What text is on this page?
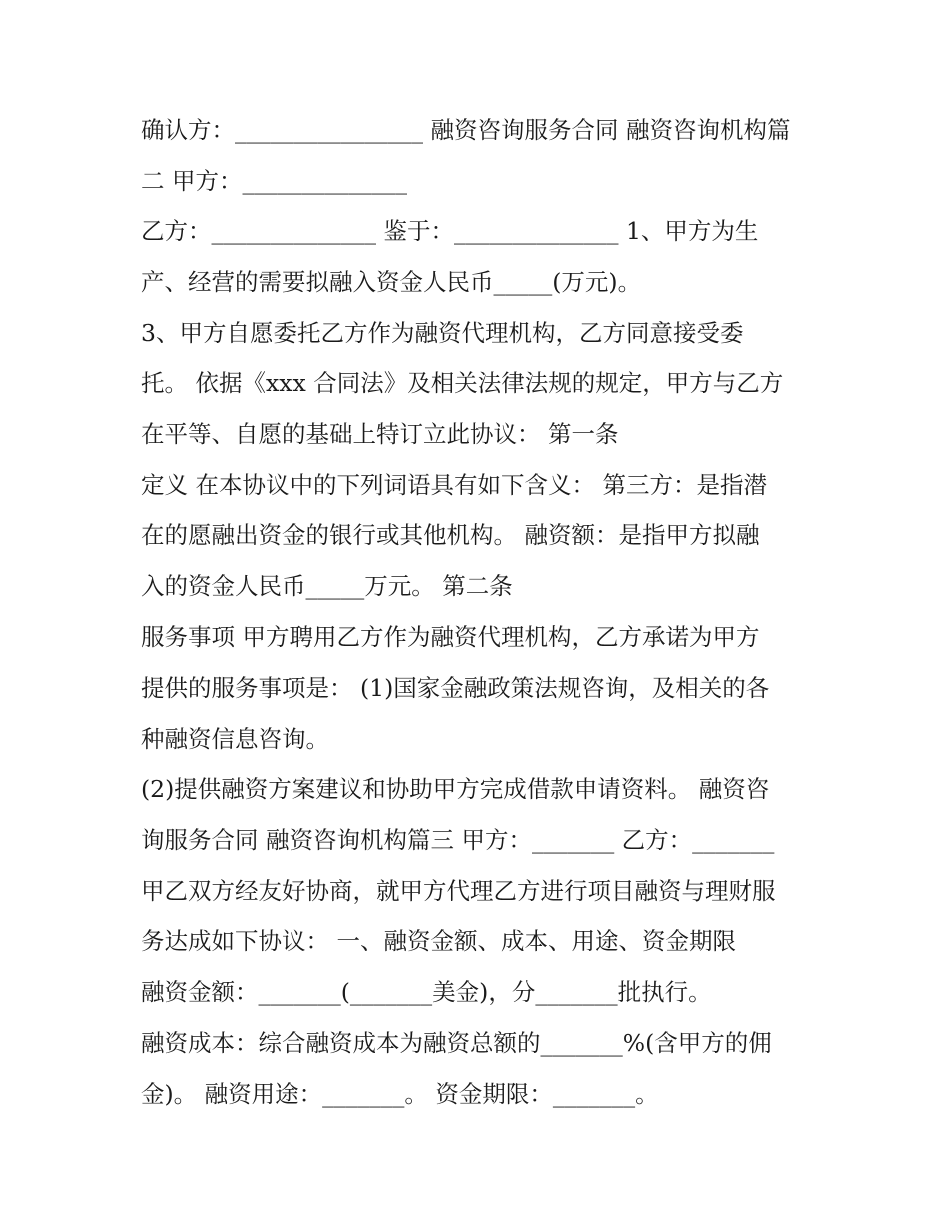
确认方：________________ 融资咨询服务合同 融资咨询机构篇
二 甲方：______________
乙方：______________ 鉴于：______________ 1、甲方为生
产、经营的需要拟融入资金人民币_____(万元)。
3、甲方自愿委托乙方作为融资代理机构，乙方同意接受委
托。 依据《xxx 合同法》及相关法律法规的规定，甲方与乙方
在平等、自愿的基础上特订立此协议： 第一条
定义 在本协议中的下列词语具有如下含义： 第三方：是指潜
在的愿融出资金的银行或其他机构。 融资额：是指甲方拟融
入的资金人民币_____万元。 第二条
服务事项 甲方聘用乙方作为融资代理机构，乙方承诺为甲方
提供的服务事项是： (1)国家金融政策法规咨询，及相关的各
种融资信息咨询。
(2)提供融资方案建议和协助甲方完成借款申请资料。 融资咨
询服务合同 融资咨询机构篇三 甲方：_______ 乙方：_______
甲乙双方经友好协商，就甲方代理乙方进行项目融资与理财服
务达成如下协议： 一、融资金额、成本、用途、资金期限
融资金额：_______(_______美金)，分_______批执行。
融资成本：综合融资成本为融资总额的_______%(含甲方的佣
金)。 融资用途：_______。 资金期限：_______。
